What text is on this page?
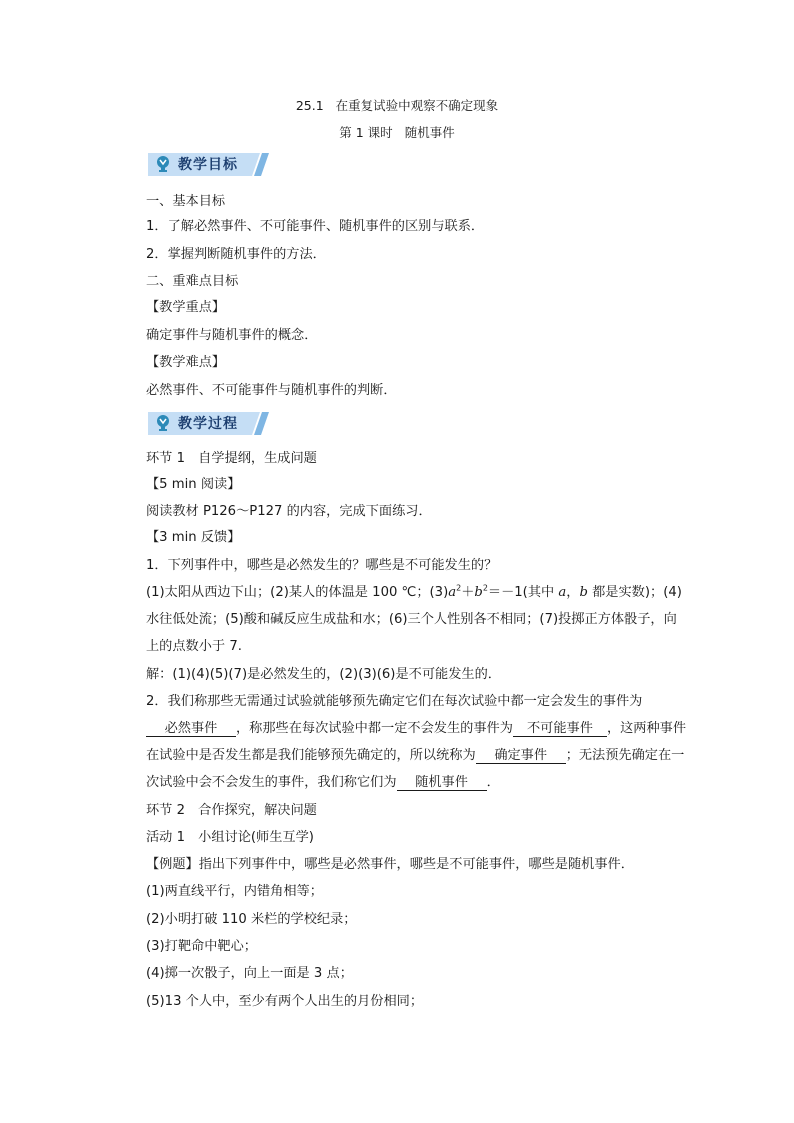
25.1 在重复试验中观察不确定现象
第 1 课时 随机事件
教学目标
一、基本目标
1．了解必然事件、不可能事件、随机事件的区别与联系．
2．掌握判断随机事件的方法．
二、重难点目标
【教学重点】
确定事件与随机事件的概念．
【教学难点】
必然事件、不可能事件与随机事件的判断．
教学过程
环节 1　自学提纲，生成问题
【5 min 阅读】
阅读教材 P126～P127 的内容，完成下面练习．
【3 min 反馈】
1．下列事件中，哪些是必然发生的？哪些是不可能发生的？
(1)太阳从西边下山；(2)某人的体温是 100 ℃；$(3)a^2+b^2=-1$(其中 a，b 都是实数)；(4)
水往低处流；(5)酸和碱反应生成盐和水；(6)三个人性别各不相同；(7)投掷正方体骰子，向
上的点数小于 7.
解：(1)(4)(5)(7)是必然发生的，(2)(3)(6)是不可能发生的．
2．我们称那些无需通过试验就能够预先确定它们在每次试验中都一定会发生的事件为
必然事件 ，称那些在每次试验中都一定不会发生的事件为 不可能事件 ，这两种事件
在试验中是否发生都是我们能够预先确定的，所以统称为 确定事件 ；无法预先确定在一
次试验中会不会发生的事件，我们称它们为 随机事件 ．
环节 2　合作探究，解决问题
活动 1　小组讨论(师生互学)
【例题】指出下列事件中，哪些是必然事件，哪些是不可能事件，哪些是随机事件．
(1)两直线平行，内错角相等；
(2)小明打破 110 米栏的学校纪录；
(3)打靶命中靶心；
(4)掷一次骰子，向上一面是 3 点；
(5)13 个人中，至少有两个人出生的月份相同；
